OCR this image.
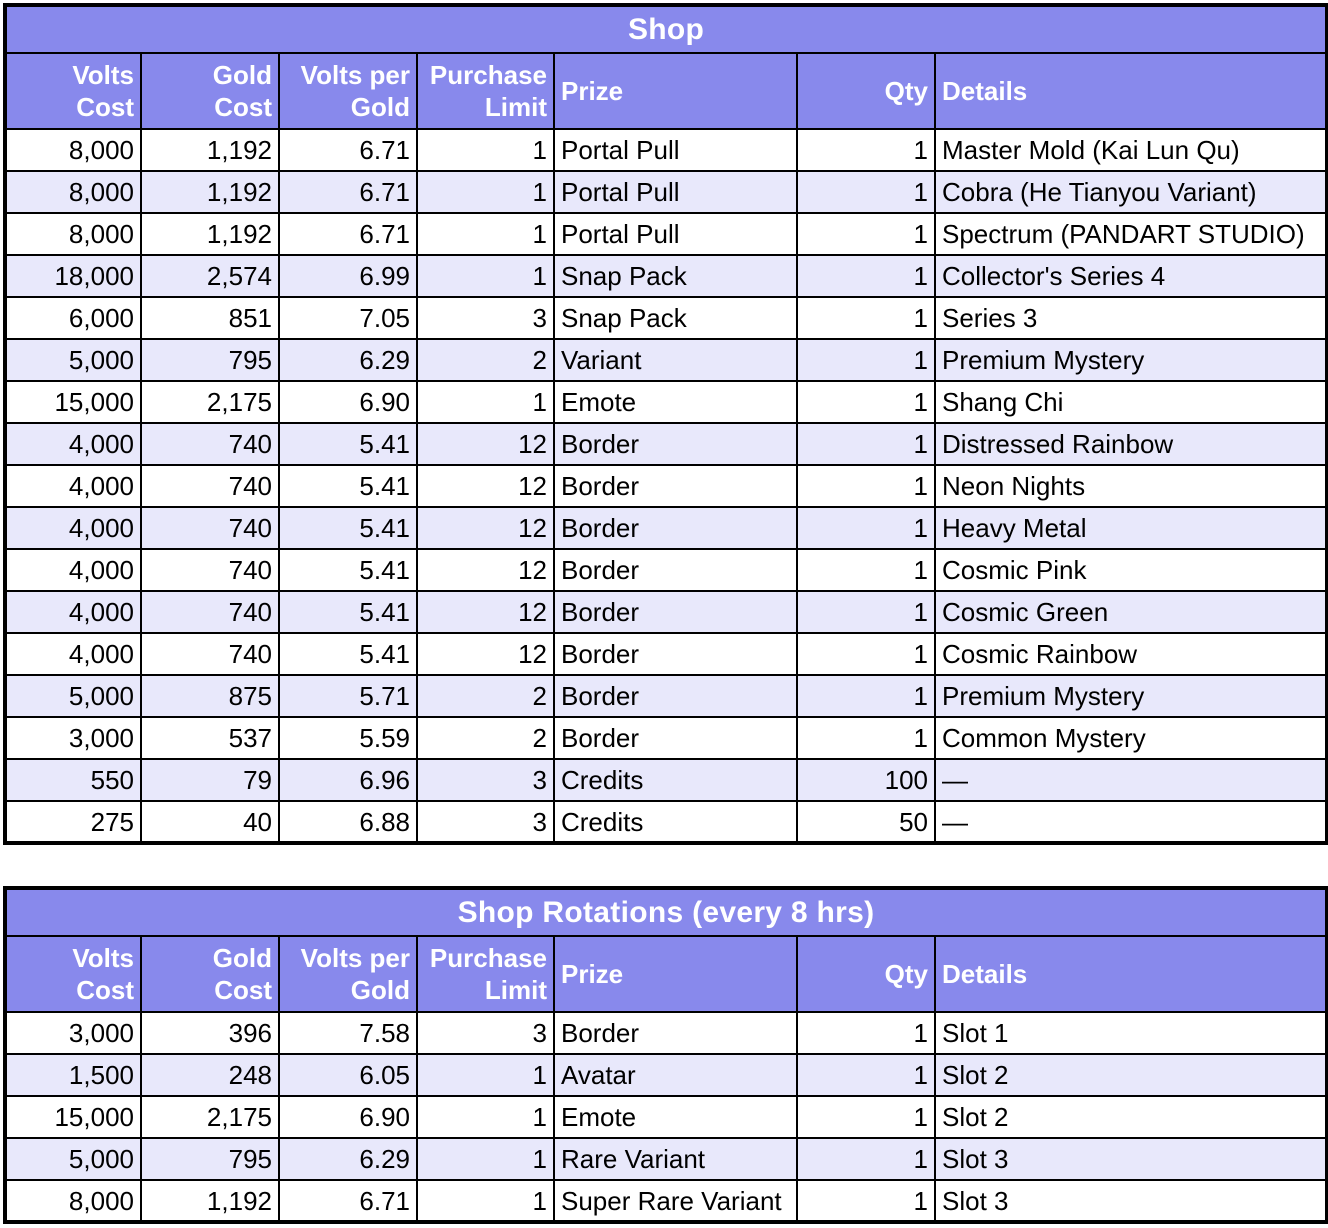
Shop						
Volts Cost	Gold Cost	Volts per Gold	Purchase Limit	Prize	Qty	Details
8,000	1,192	6.71	1	Portal Pull	1	Master Mold (Kai Lun Qu)
8,000	1,192	6.71	1	Portal Pull	1	Cobra (He Tianyou Variant)
8,000	1,192	6.71	1	Portal Pull	1	Spectrum (PANDART STUDIO)
18,000	2,574	6.99	1	Snap Pack	1	Collector's Series 4
6,000	851	7.05	3	Snap Pack	1	Series 3
5,000	795	6.29	2	Variant	1	Premium Mystery
15,000	2,175	6.90	1	Emote	1	Shang Chi
4,000	740	5.41	12	Border	1	Distressed Rainbow
4,000	740	5.41	12	Border	1	Neon Nights
4,000	740	5.41	12	Border	1	Heavy Metal
4,000	740	5.41	12	Border	1	Cosmic Pink
4,000	740	5.41	12	Border	1	Cosmic Green
4,000	740	5.41	12	Border	1	Cosmic Rainbow
5,000	875	5.71	2	Border	1	Premium Mystery
3,000	537	5.59	2	Border	1	Common Mystery
550	79	6.96	3	Credits	100	—
275	40	6.88	3	Credits	50	—
Shop Rotations (every 8 hrs)						
Volts Cost	Gold Cost	Volts per Gold	Purchase Limit	Prize	Qty	Details
3,000	396	7.58	3	Border	1	Slot 1
1,500	248	6.05	1	Avatar	1	Slot 2
15,000	2,175	6.90	1	Emote	1	Slot 2
5,000	795	6.29	1	Rare Variant	1	Slot 3
8,000	1,192	6.71	1	Super Rare Variant	1	Slot 3
